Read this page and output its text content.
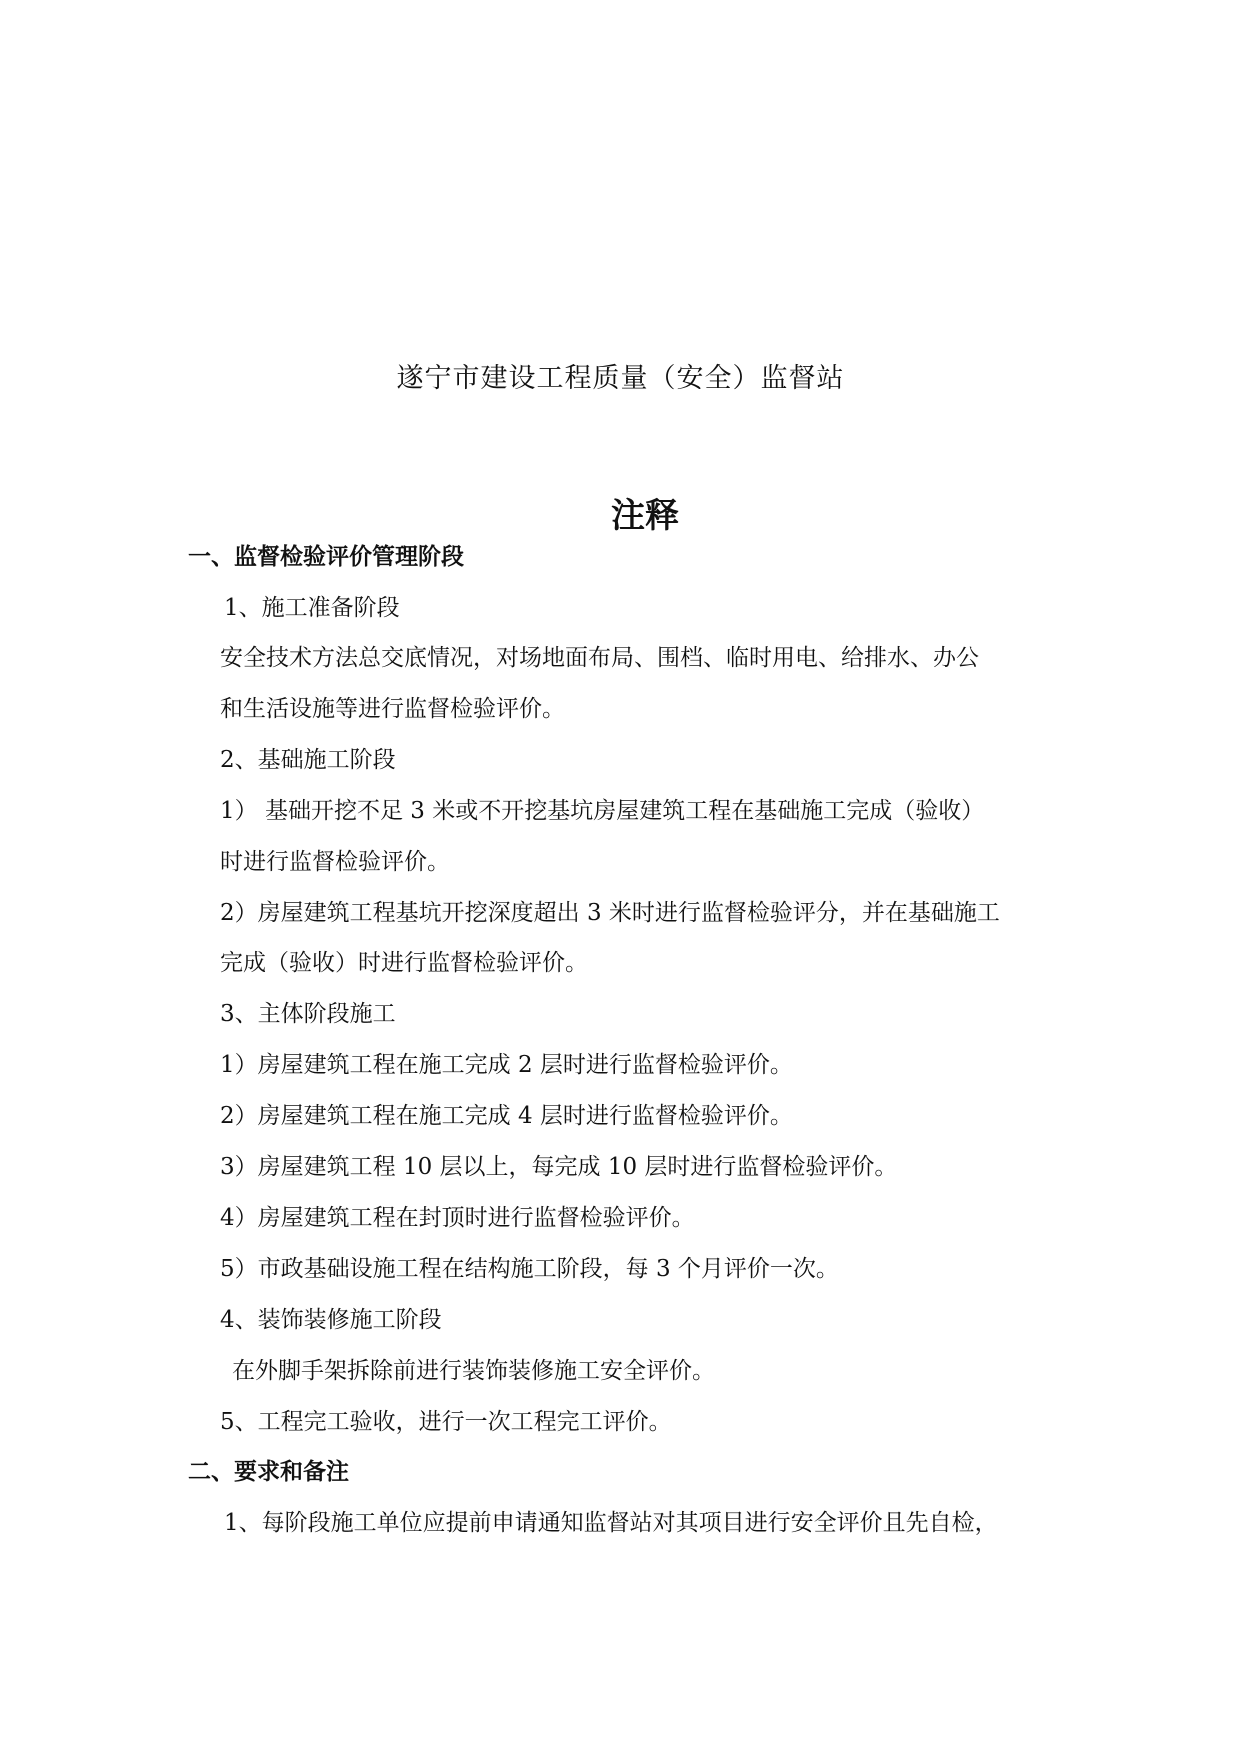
遂宁市建设工程质量（安全）监督站
注释
一、监督检验评价管理阶段
1、施工准备阶段
安全技术方法总交底情况，对场地面布局、围档、临时用电、给排水、办公
和生活设施等进行监督检验评价。
2、基础施工阶段
1） 基础开挖不足 3 米或不开挖基坑房屋建筑工程在基础施工完成（验收）
时进行监督检验评价。
2）房屋建筑工程基坑开挖深度超出 3 米时进行监督检验评分，并在基础施工
完成（验收）时进行监督检验评价。
3、主体阶段施工
1）房屋建筑工程在施工完成 2 层时进行监督检验评价。
2）房屋建筑工程在施工完成 4 层时进行监督检验评价。
3）房屋建筑工程 10 层以上，每完成 10 层时进行监督检验评价。
4）房屋建筑工程在封顶时进行监督检验评价。
5）市政基础设施工程在结构施工阶段，每 3 个月评价一次。
4、装饰装修施工阶段
在外脚手架拆除前进行装饰装修施工安全评价。
5、工程完工验收，进行一次工程完工评价。
二、要求和备注
1、每阶段施工单位应提前申请通知监督站对其项目进行安全评价且先自检，
